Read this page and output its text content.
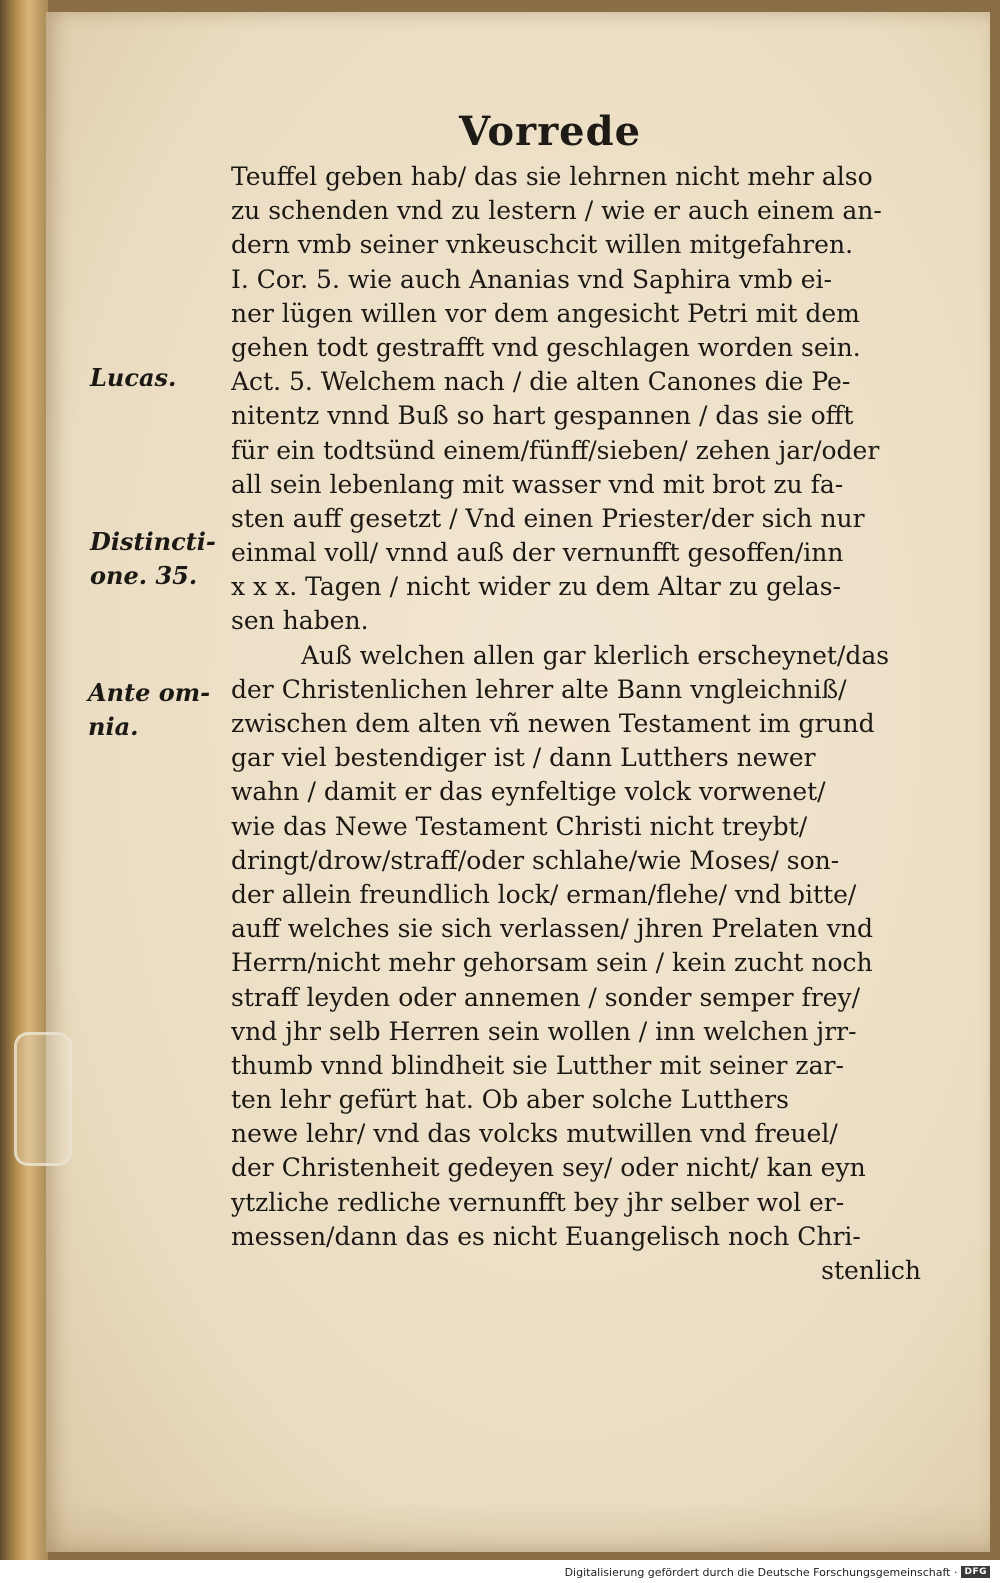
Vorrede
Teuffel geben hab/ das sie lehrnen nicht mehr also
zu schenden vnd zu lestern / wie er auch einem an‑
dern vmb seiner vnkeuschcit willen mitgefahren.
I. Cor. 5. wie auch Ananias vnd Saphira vmb ei‑
ner lügen willen vor dem angesicht Petri mit dem
gehen todt gestrafft vnd geschlagen worden sein.
Act. 5. Welchem nach / die alten Canones die Pe‑
nitentz vnnd Buß so hart gespannen / das sie offt
für ein todtsünd einem/fünff/sieben/ zehen jar/oder
all sein lebenlang mit wasser vnd mit brot zu fa‑
sten auff gesetzt / Vnd einen Priester/der sich nur
einmal voll/ vnnd auß der vernunfft gesoffen/inn
x x x. Tagen / nicht wider zu dem Altar zu gelas‑
sen haben.
Auß welchen allen gar klerlich erscheynet/das
der Christenlichen lehrer alte Bann vngleichniß/
zwischen dem alten vñ newen Testament im grund
gar viel bestendiger ist / dann Lutthers newer
wahn / damit er das eynfeltige volck vorwenet/
wie das Newe Testament Christi nicht treybt/
dringt/drow/straff/oder schlahe/wie Moses/ son‑
der allein freundlich lock/ erman/flehe/ vnd bitte/
auff welches sie sich verlassen/ jhren Prelaten vnd
Herrn/nicht mehr gehorsam sein / kein zucht noch
straff leyden oder annemen / sonder semper frey/
vnd jhr selb Herren sein wollen / inn welchen jrr‑
thumb vnnd blindheit sie Lutther mit seiner zar‑
ten lehr gefürt hat. Ob aber solche Lutthers
newe lehr/ vnd das volcks mutwillen vnd freuel/
der Christenheit gedeyen sey/ oder nicht/ kan eyn
ytzliche redliche vernunfft bey jhr selber wol er‑
messen/dann das es nicht Euangelisch noch Chri‑
stenlich
Lucas.
Distincti‑
one. 35.
Ante om‑
nia.
Digitalisierung gefördert durch die Deutsche Forschungsgemeinschaft · DFG
